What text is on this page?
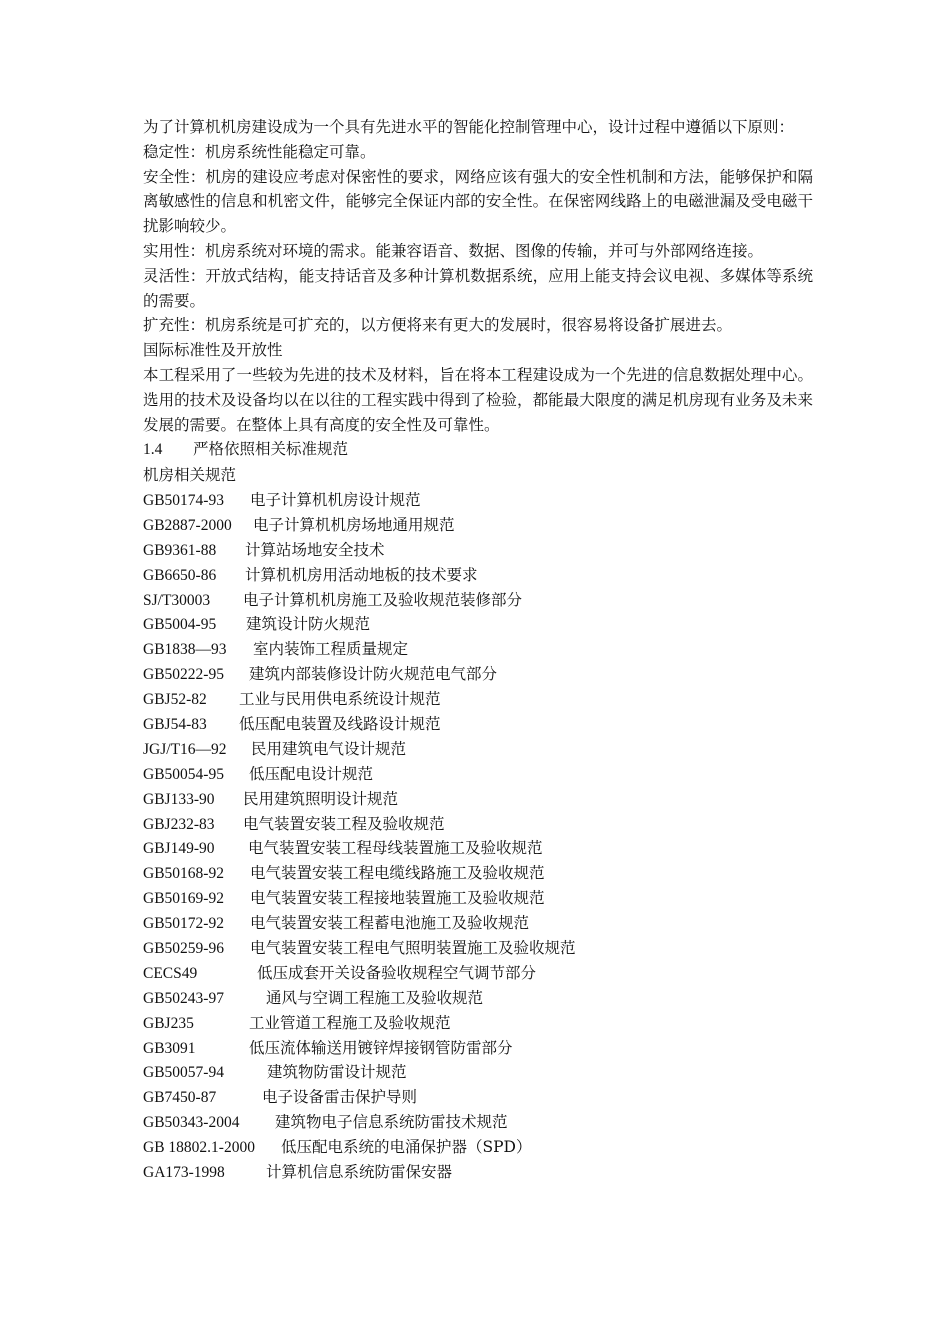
为了计算机机房建设成为一个具有先进水平的智能化控制管理中心，设计过程中遵循以下原则：

稳定性：机房系统性能稳定可靠。

安全性：机房的建设应考虑对保密性的要求，网络应该有强大的安全性机制和方法，能够保护和隔离敏感性的信息和机密文件，能够完全保证内部的安全性。在保密网线路上的电磁泄漏及受电磁干扰影响较少。

实用性：机房系统对环境的需求。能兼容语音、数据、图像的传输，并可与外部网络连接。

灵活性：开放式结构，能支持话音及多种计算机数据系统，应用上能支持会议电视、多媒体等系统的需要。

扩充性：机房系统是可扩充的，以方便将来有更大的发展时，很容易将设备扩展进去。

国际标准性及开放性

本工程采用了一些较为先进的技术及材料，旨在将本工程建设成为一个先进的信息数据处理中心。选用的技术及设备均以在以往的工程实践中得到了检验，都能最大限度的满足机房现有业务及未来发展的需要。在整体上具有高度的安全性及可靠性。

1.4 严格依照相关标准规范

机房相关规范

GB50174-93 电子计算机机房设计规范
GB2887-2000 电子计算机机房场地通用规范
GB9361-88 计算站场地安全技术
GB6650-86 计算机机房用活动地板的技术要求
SJ/T30003 电子计算机机房施工及验收规范装修部分
GB5004-95 建筑设计防火规范
GB1838—93 室内装饰工程质量规定
GB50222-95 建筑内部装修设计防火规范电气部分
GBJ52-82 工业与民用供电系统设计规范
GBJ54-83 低压配电装置及线路设计规范
JGJ/T16—92 民用建筑电气设计规范
GB50054-95 低压配电设计规范
GBJ133-90 民用建筑照明设计规范
GBJ232-83 电气装置安装工程及验收规范
GBJ149-90 电气装置安装工程母线装置施工及验收规范
GB50168-92 电气装置安装工程电缆线路施工及验收规范
GB50169-92 电气装置安装工程接地装置施工及验收规范
GB50172-92 电气装置安装工程蓄电池施工及验收规范
GB50259-96 电气装置安装工程电气照明装置施工及验收规范
CECS49	低压成套开关设备验收规程空气调节部分
GB50243-97	通风与空调工程施工及验收规范
GBJ235	工业管道工程施工及验收规范
GB3091	低压流体输送用镀锌焊接钢管防雷部分
GB50057-94	建筑物防雷设计规范
GB7450-87	电子设备雷击保护导则
GB50343-2004 建筑物电子信息系统防雷技术规范
GB 18802.1-2000 低压配电系统的电涌保护器（SPD）
GA173-1998	计算机信息系统防雷保安器
